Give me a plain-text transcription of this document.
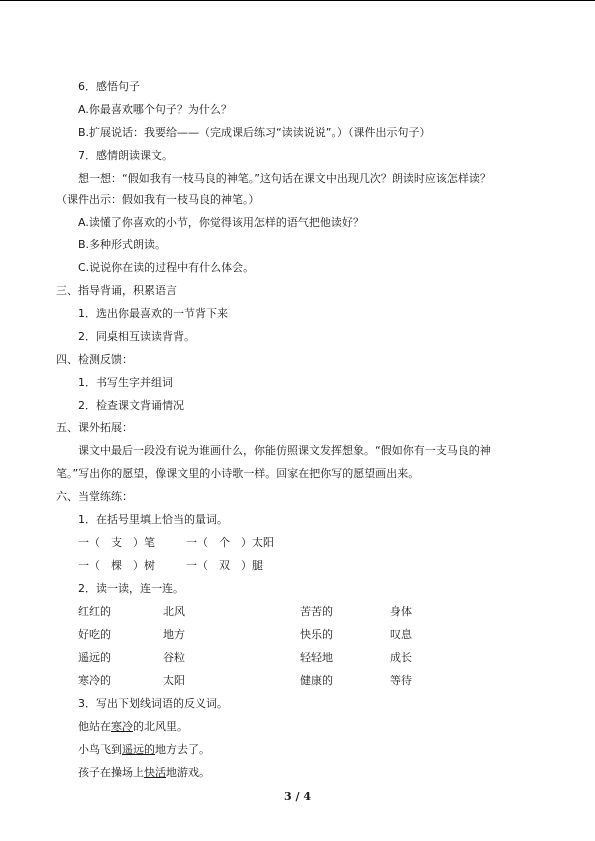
6．感悟句子
A.你最喜欢哪个句子？为什么？
B.扩展说话：我要给——（完成课后练习“读读说说”。）（课件出示句子）
7．感情朗读课文。
想一想：“假如我有一枝马良的神笔。”这句话在课文中出现几次？朗读时应该怎样读？
（课件出示：假如我有一枝马良的神笔。）
A.读懂了你喜欢的小节，你觉得该用怎样的语气把他读好？
B.多种形式朗读。
C.说说你在读的过程中有什么体会。
三、指导背诵，积累语言
1．选出你最喜欢的一节背下来
2．同桌相互读读背背。
四、检测反馈：
1．书写生字并组词
2．检查课文背诵情况
五、课外拓展：
课文中最后一段没有说为谁画什么，你能仿照课文发挥想象。“假如你有一支马良的神
笔。”写出你的愿望，像课文里的小诗歌一样。回家在把你写的愿望画出来。
六、当堂练练：
1．在括号里填上恰当的量词。
一（　支　）笔	一（　个　）太阳
一（　棵　）树	一（　双　）腿
2．读一读，连一连。
红红的	北风	苦苦的	身体
好吃的	地方	快乐的	叹息
遥远的	谷粒	轻轻地	成长
寒冷的	太阳	健康的	等待
3．写出下划线词语的反义词。
他站在寒冷的北风里。
小鸟飞到遥远的地方去了。
孩子在操场上快活地游戏。
3 / 4
